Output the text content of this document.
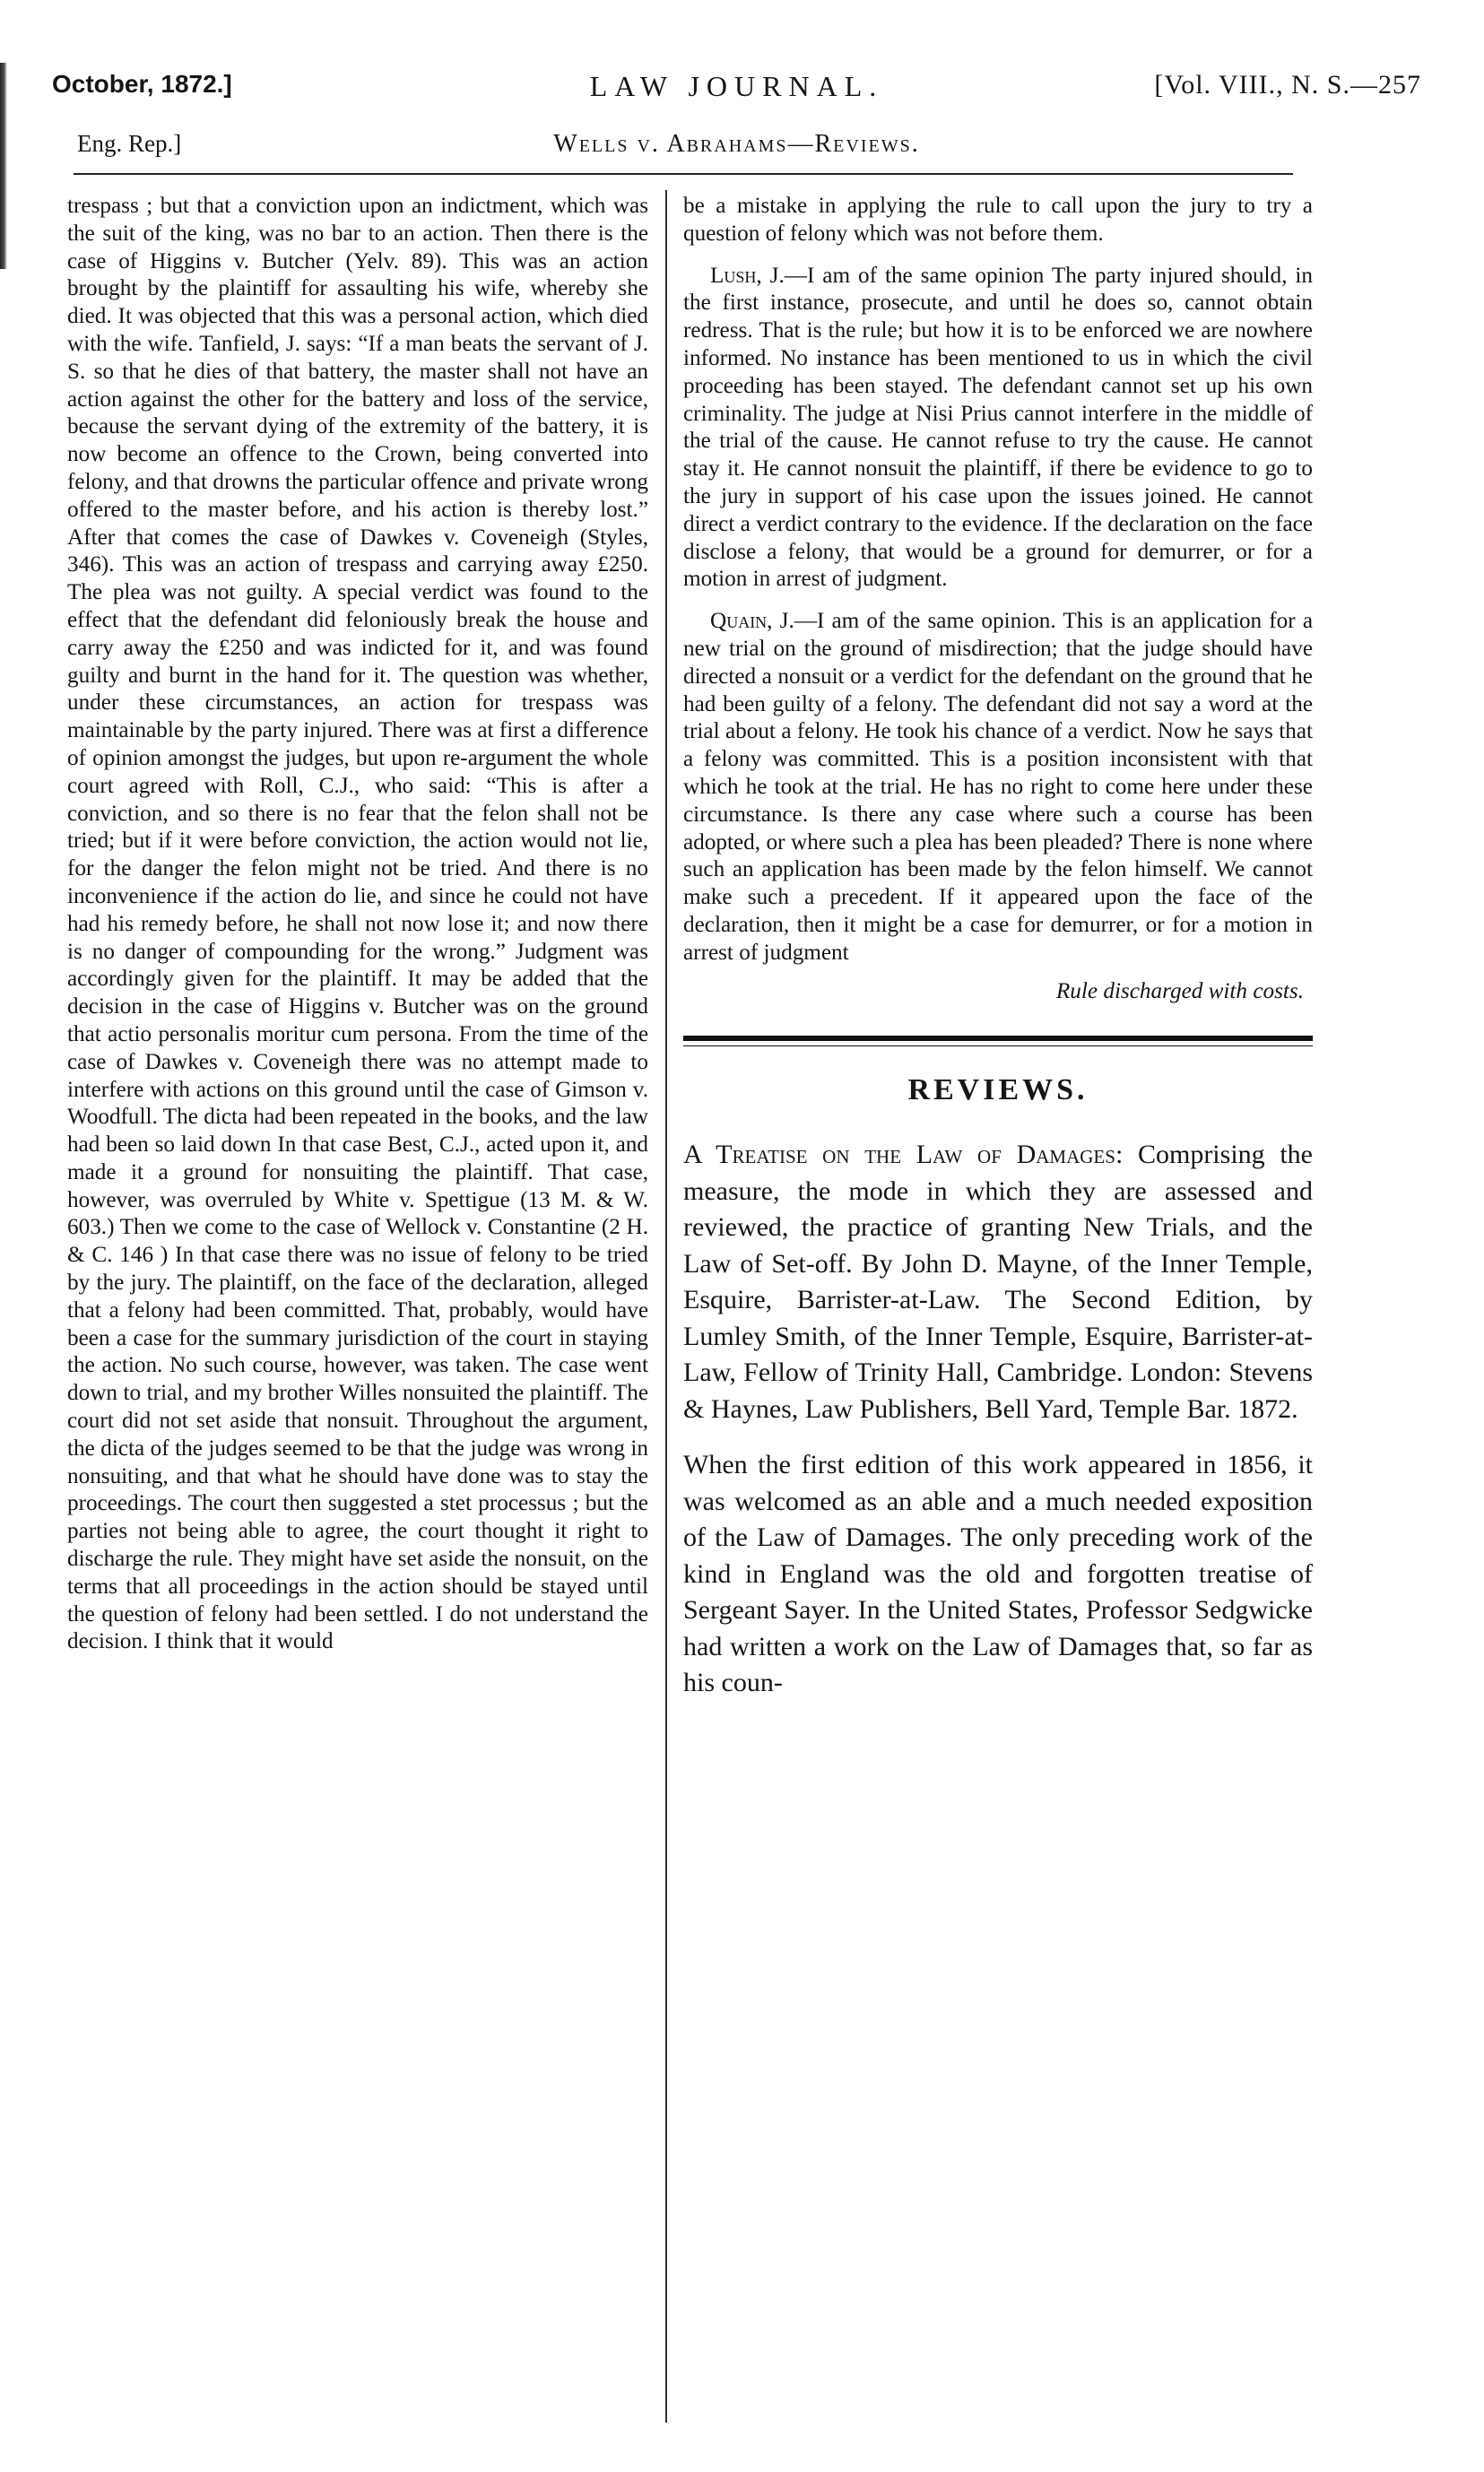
October, 1872.]	LAW JOURNAL.	[Vol. VIII., N. S.—257
Eng. Rep.]	Wells v. Abrahams—Reviews.

trespass ; but that a conviction upon an indictment, which was the suit of the king, was no bar to an action. Then there is the case of Higgins v. Butcher (Yelv. 89). This was an action brought by the plaintiff for assaulting his wife, whereby she died. It was objected that this was a personal action, which died with the wife. Tanfield, J. says: “If a man beats the servant of J. S. so that he dies of that battery, the master shall not have an action against the other for the battery and loss of the service, because the servant dying of the extremity of the battery, it is now become an offence to the Crown, being converted into felony, and that drowns the particular offence and private wrong offered to the master before, and his action is thereby lost.” After that comes the case of Dawkes v. Coveneigh (Styles, 346). This was an action of trespass and carrying away £250. The plea was not guilty. A special verdict was found to the effect that the defendant did feloniously break the house and carry away the £250 and was indicted for it, and was found guilty and burnt in the hand for it. The question was whether, under these circumstances, an action for trespass was maintainable by the party injured. There was at first a difference of opinion amongst the judges, but upon re-argument the whole court agreed with Roll, C.J., who said: “This is after a conviction, and so there is no fear that the felon shall not be tried; but if it were before conviction, the action would not lie, for the danger the felon might not be tried. And there is no inconvenience if the action do lie, and since he could not have had his remedy before, he shall not now lose it; and now there is no danger of compounding for the wrong.” Judgment was accordingly given for the plaintiff. It may be added that the decision in the case of Higgins v. Butcher was on the ground that actio personalis moritur cum persona. From the time of the case of Dawkes v. Coveneigh there was no attempt made to interfere with actions on this ground until the case of Gimson v. Woodfull. The dicta had been repeated in the books, and the law had been so laid down In that case Best, C.J., acted upon it, and made it a ground for nonsuiting the plaintiff. That case, however, was overruled by White v. Spettigue (13 M. & W. 603.) Then we come to the case of Wellock v. Constantine (2 H. & C. 146 ) In that case there was no issue of felony to be tried by the jury. The plaintiff, on the face of the declaration, alleged that a felony had been committed. That, probably, would have been a case for the summary jurisdiction of the court in staying the action. No such course, however, was taken. The case went down to trial, and my brother Willes nonsuited the plaintiff. The court did not set aside that nonsuit. Throughout the argument, the dicta of the judges seemed to be that the judge was wrong in nonsuiting, and that what he should have done was to stay the proceedings. The court then suggested a stet processus ; but the parties not being able to agree, the court thought it right to discharge the rule. They might have set aside the nonsuit, on the terms that all proceedings in the action should be stayed until the question of felony had been settled. I do not understand the decision. I think that it would

be a mistake in applying the rule to call upon the jury to try a question of felony which was not before them.

Lush, J.—I am of the same opinion The party injured should, in the first instance, prosecute, and until he does so, cannot obtain redress. That is the rule; but how it is to be enforced we are nowhere informed. No instance has been mentioned to us in which the civil proceeding has been stayed. The defendant cannot set up his own criminality. The judge at Nisi Prius cannot interfere in the middle of the trial of the cause. He cannot refuse to try the cause. He cannot stay it. He cannot nonsuit the plaintiff, if there be evidence to go to the jury in support of his case upon the issues joined. He cannot direct a verdict contrary to the evidence. If the declaration on the face disclose a felony, that would be a ground for demurrer, or for a motion in arrest of judgment.

Quain, J.—I am of the same opinion. This is an application for a new trial on the ground of misdirection; that the judge should have directed a nonsuit or a verdict for the defendant on the ground that he had been guilty of a felony. The defendant did not say a word at the trial about a felony. He took his chance of a verdict. Now he says that a felony was committed. This is a position inconsistent with that which he took at the trial. He has no right to come here under these circumstance. Is there any case where such a course has been adopted, or where such a plea has been pleaded? There is none where such an application has been made by the felon himself. We cannot make such a precedent. If it appeared upon the face of the declaration, then it might be a case for demurrer, or for a motion in arrest of judgment

Rule discharged with costs.

REVIEWS.

A Treatise on the Law of Damages: Comprising the measure, the mode in which they are assessed and reviewed, the practice of granting New Trials, and the Law of Set-off. By John D. Mayne, of the Inner Temple, Esquire, Barrister-at-Law. The Second Edition, by Lumley Smith, of the Inner Temple, Esquire, Barrister-at-Law, Fellow of Trinity Hall, Cambridge. London: Stevens & Haynes, Law Publishers, Bell Yard, Temple Bar. 1872.

When the first edition of this work appeared in 1856, it was welcomed as an able and a much needed exposition of the Law of Damages. The only preceding work of the kind in England was the old and forgotten treatise of Sergeant Sayer. In the United States, Professor Sedgwicke had written a work on the Law of Damages that, so far as his coun-
